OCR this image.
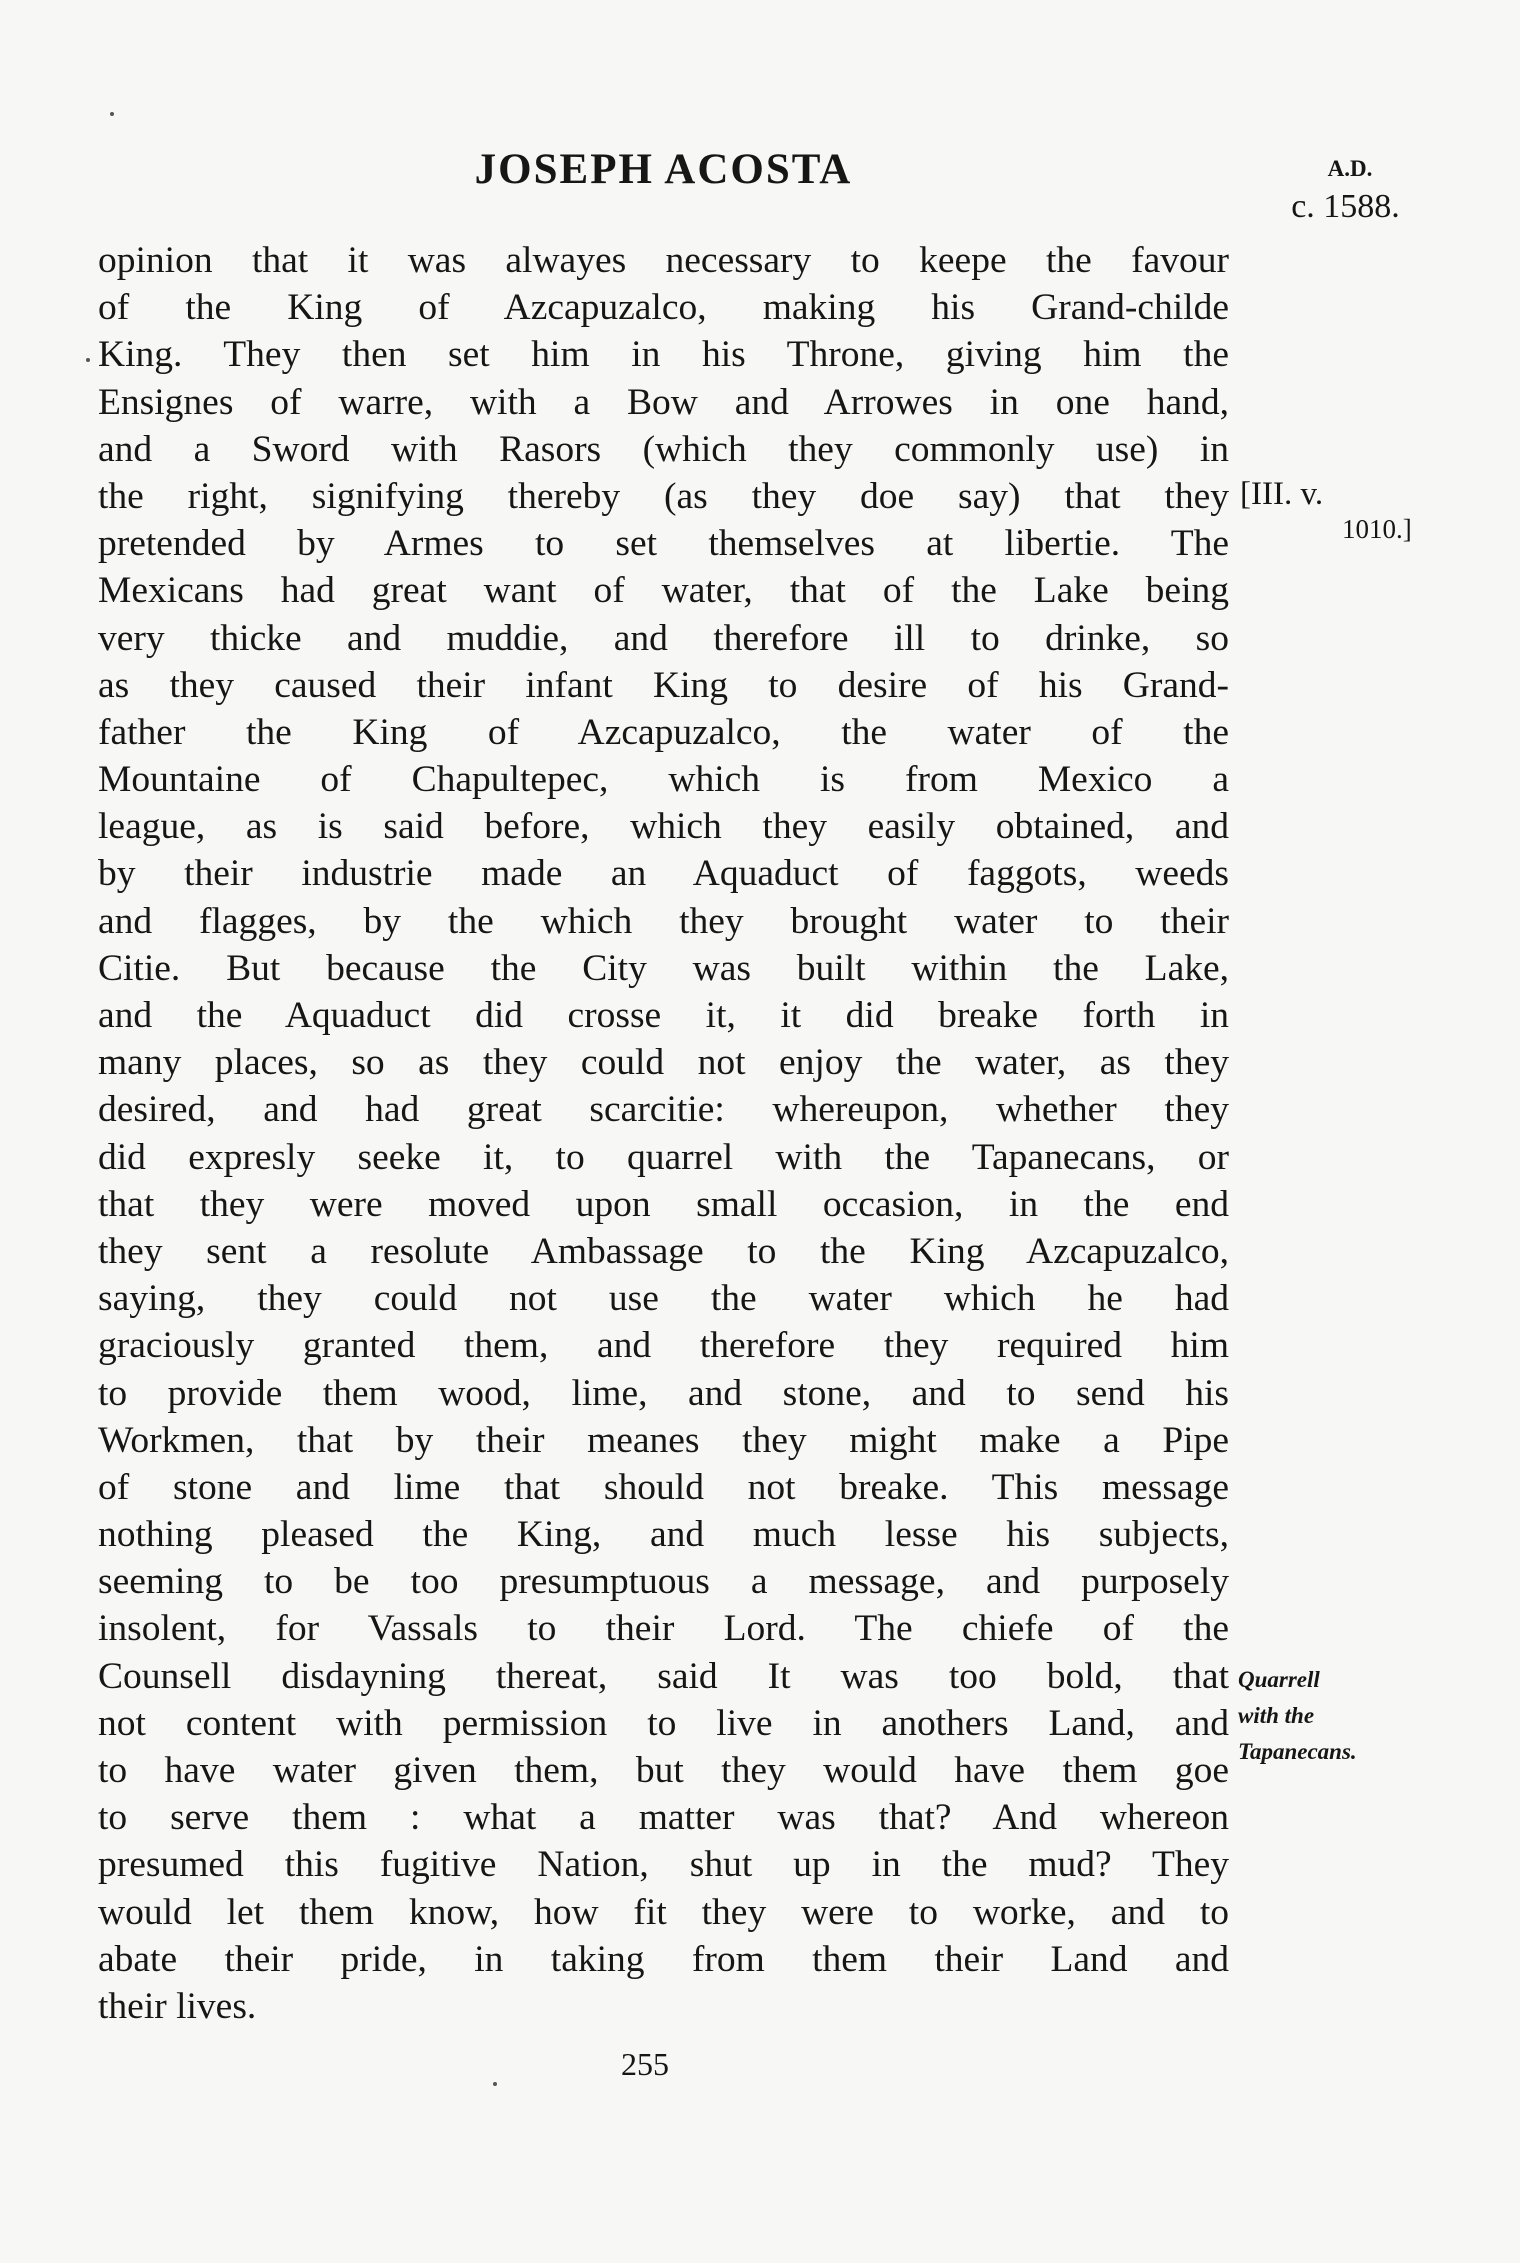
JOSEPH ACOSTA	A.D.
c. 1588.
opinion that it was alwayes necessary to keepe the favour
of the King of Azcapuzalco, making his Grand-childe
King. They then set him in his Throne, giving him the
Ensignes of warre, with a Bow and Arrowes in one hand,
and a Sword with Rasors (which they commonly use) in
the right, signifying thereby (as they doe say) that they
pretended by Armes to set themselves at libertie. The
Mexicans had great want of water, that of the Lake being
very thicke and muddie, and therefore ill to drinke, so
as they caused their infant King to desire of his Grand-
father the King of Azcapuzalco, the water of the
Mountaine of Chapultepec, which is from Mexico a
league, as is said before, which they easily obtained, and
by their industrie made an Aquaduct of faggots, weeds
and flagges, by the which they brought water to their
Citie. But because the City was built within the Lake,
and the Aquaduct did crosse it, it did breake forth in
many places, so as they could not enjoy the water, as they
desired, and had great scarcitie: whereupon, whether they
did expresly seeke it, to quarrel with the Tapanecans, or
that they were moved upon small occasion, in the end
they sent a resolute Ambassage to the King Azcapuzalco,
saying, they could not use the water which he had
graciously granted them, and therefore they required him
to provide them wood, lime, and stone, and to send his
Workmen, that by their meanes they might make a Pipe
of stone and lime that should not breake. This message
nothing pleased the King, and much lesse his subjects,
seeming to be too presumptuous a message, and purposely
insolent, for Vassals to their Lord. The chiefe of the
Counsell disdayning thereat, said It was too bold, that
not content with permission to live in anothers Land, and
to have water given them, but they would have them goe
to serve them : what a matter was that? And whereon
presumed this fugitive Nation, shut up in the mud? They
would let them know, how fit they were to worke, and to
abate their pride, in taking from them their Land and
their lives.
[III. v.
1010.]
Quarrell
with the
Tapanecans.
255
